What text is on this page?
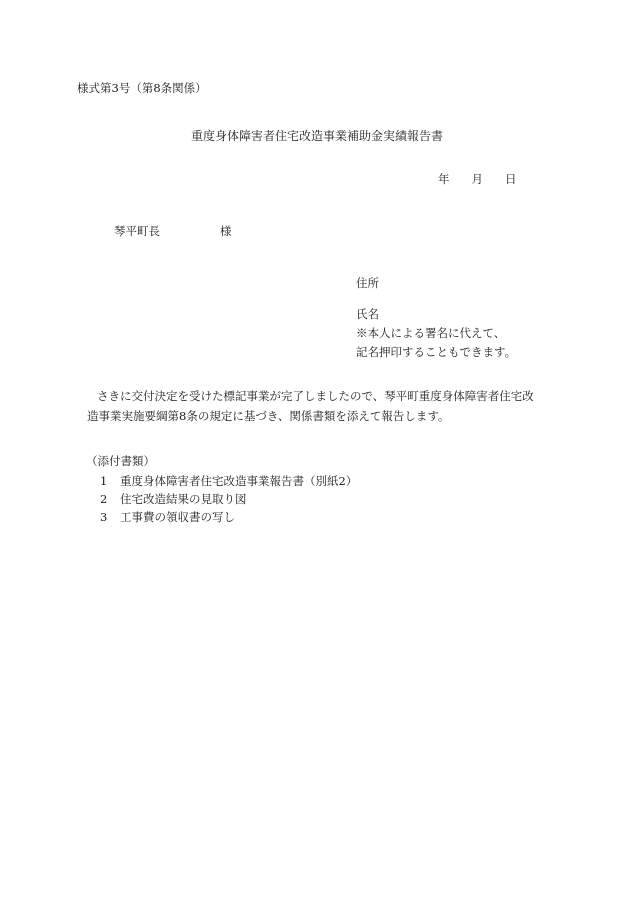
様式第3号（第8条関係）
重度身体障害者住宅改造事業補助金実績報告書
年 月 日
琴平町長	様
住所
氏名
※本人による署名に代えて、
記名押印することもできます。
さきに交付決定を受けた標記事業が完了しましたので、琴平町重度身体障害者住宅改
造事業実施要綱第8条の規定に基づき、関係書類を添えて報告します。
（添付書類）
1 重度身体障害者住宅改造事業報告書（別紙2）
2 住宅改造結果の見取り図
3 工事費の領収書の写し
